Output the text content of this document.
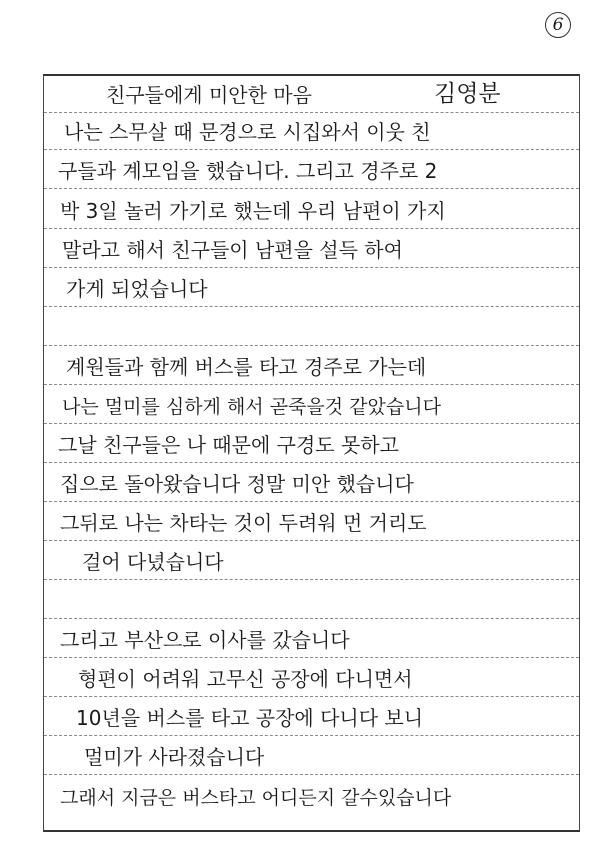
6
친구들에게 미안한 마음	김영분
나는 스무살 때 문경으로 시집와서 이웃 친
구들과 계모임을 했습니다. 그리고 경주로 2
박 3일 놀러 가기로 했는데 우리 남편이 가지
말라고 해서 친구들이 남편을 설득 하여
가게 되었습니다
계원들과 함께 버스를 타고 경주로 가는데
나는 멀미를 심하게 해서 곧죽을것 같았습니다
그날 친구들은 나 때문에 구경도 못하고
집으로 돌아왔습니다 정말 미안 했습니다
그뒤로 나는 차타는 것이 두려워 먼 거리도
걸어 다녔습니다
그리고 부산으로 이사를 갔습니다
형편이 어려워 고무신 공장에 다니면서
10년을 버스를 타고 공장에 다니다 보니
멀미가 사라졌습니다
그래서 지금은 버스타고 어디든지 갈수있습니다
